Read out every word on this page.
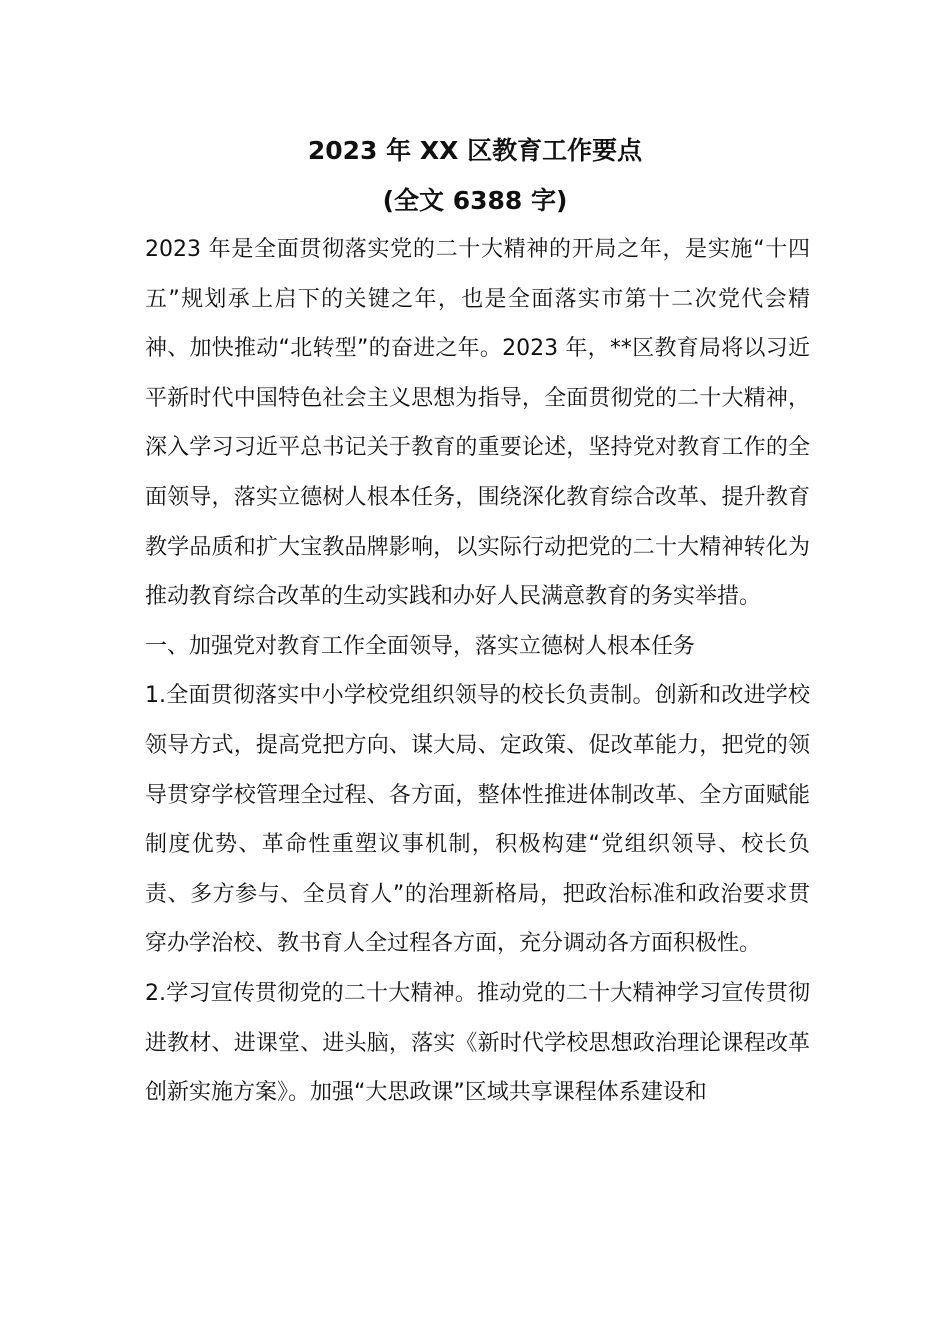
2023 年 XX 区教育工作要点
(全文 6388 字)

2023 年是全面贯彻落实党的二十大精神的开局之年，是实施“十四五”规划承上启下的关键之年，也是全面落实市第十二次党代会精神、加快推动“北转型”的奋进之年。2023 年，**区教育局将以习近平新时代中国特色社会主义思想为指导，全面贯彻党的二十大精神，深入学习习近平总书记关于教育的重要论述，坚持党对教育工作的全面领导，落实立德树人根本任务，围绕深化教育综合改革、提升教育教学品质和扩大宝教品牌影响，以实际行动把党的二十大精神转化为推动教育综合改革的生动实践和办好人民满意教育的务实举措。

一、加强党对教育工作全面领导，落实立德树人根本任务

1.全面贯彻落实中小学校党组织领导的校长负责制。创新和改进学校领导方式，提高党把方向、谋大局、定政策、促改革能力，把党的领导贯穿学校管理全过程、各方面，整体性推进体制改革、全方面赋能制度优势、革命性重塑议事机制，积极构建“党组织领导、校长负责、多方参与、全员育人”的治理新格局，把政治标准和政治要求贯穿办学治校、教书育人全过程各方面，充分调动各方面积极性。

2.学习宣传贯彻党的二十大精神。推动党的二十大精神学习宣传贯彻进教材、进课堂、进头脑，落实《新时代学校思想政治理论课程改革创新实施方案》。加强“大思政课”区域共享课程体系建设和
